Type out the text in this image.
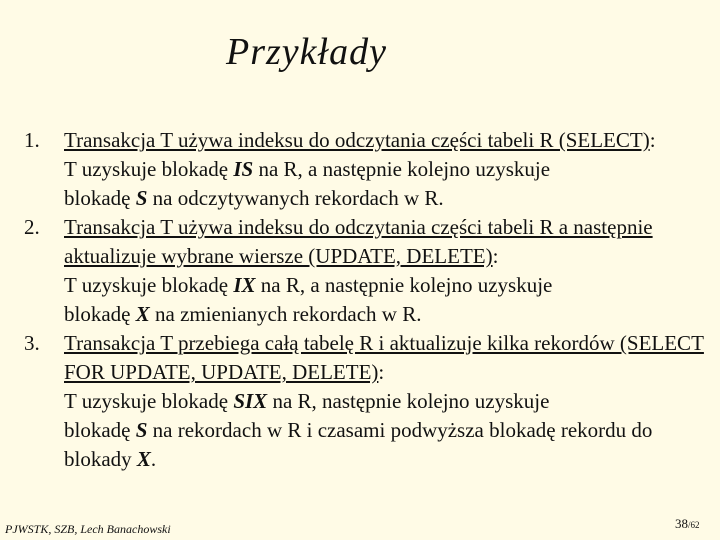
Przykłady
1.	Transakcja T używa indeksu do odczytania części tabeli R (SELECT):
T uzyskuje blokadę IS na R, a następnie kolejno uzyskuje
blokadę S na odczytywanych rekordach w R.
2.	Transakcja T używa indeksu do odczytania części tabeli R a następnie aktualizuje wybrane wiersze (UPDATE, DELETE):
T uzyskuje blokadę IX na R, a następnie kolejno uzyskuje
blokadę X na zmienianych rekordach w R.
3.	Transakcja T przebiega całą tabelę R i aktualizuje kilka rekordów (SELECT FOR UPDATE, UPDATE, DELETE):
T uzyskuje blokadę SIX na R, następnie kolejno uzyskuje
blokadę S na rekordach w R i czasami podwyższa blokadę rekordu do blokady X.
PJWSTK, SZB, Lech Banachowski	38/62
